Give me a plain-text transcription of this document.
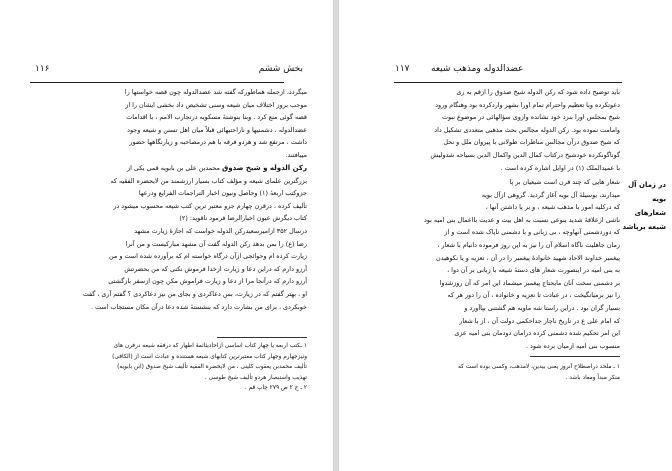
بخش ششم
۱۱۶
میگردد، ازجمله هماطورکه گفته شد عضدالدوله چون قصه خواستها را
موجب بروز اختلاف میان شیعه وسنی تشخیص داد بخشی ایشان را از
قصه گوئی منع کرد . وبنا بنوشتهٔ مسکویه درتجارب الامم ، با اقدامات
عضدالدوله ، دشمنیها و ناراحتیهائی قبلاً میان اهل تسنن و شیعه وجود
داشت ، مرتفع شد و هردو فرقه با هم درمصاحبه و زیارتگاهها حضور
مییافتند.
رکن الدوله و شیخ صدوق محمدبن علی بن بابویه قمی یکی از
بزرگترین علمای شیعه و مؤلف کتاب بسیار ارزشمند من لایحضره الفقیه که
جزوکتب اربعهٔ (۱) وحاصل ونیون اخبار التراجمات الفرایع ودرعها
تألیف کرده ، درقرن چهارم جزو معتبر ترین کتب شیعه محسوب میشود در
کتاب دیگرش عیون اخبارالرضا فرمود ناقوید: (۲)
درسال ۳۵۲ ازامیرسعیدرکن الدوله خواست که اجازهٔ زیارت مشهد
رضا (ع) را بمن بدهد رکن الدوله گفت آن مشهد مبارکیست و من آنرا
زیارت کرده ام وحوائجی ازآن درگاه خواسته ام که برآورده شده است و من
آرزو دارم که دراین دعا و زیارت ازخدا فرموش نکنی که من بحضرتش
آرزو دارم که درآنجا مرا از دعا و زیارت فراموش مکن چون ازسفر بازگشتی
او ، بهتر گفتم که در زیارت، بس دعاکردی و بجای من نیز دعاکردی ؟ گفتم آری ، گفت
خوبکردی ، برای من بشارت دارد که بنشستهٔ شده دعا درآن مکان مستجاب است .
۱ ـکتب اربعه یا چهار کتاب اساسی ازاحادیثائمهٔ اطهار که درفقه شیعه درفرن های
ونیزجهارم وجهار کتاب معتبرترین کتابهای شیعه هستنده و عبادت است از (الکافی)
تألیف محمدبن یعقوب کلینی ، من لایحضره الفقیه تألیف شیخ صدوق (ابن بابویه)
تهذیب واستبصار هردو تألیف شیخ طوسی .
۲ ـ ج ۲ ص ۲۷۹ چاپ قم .
عضدالدوله ومذهب شیعه
۱۱۷
باید توضیح داده شود که رکن الدوله شیخ صدوق را ازقم به ری
دعوتکرده وبا تعظیم واحترام تمام اورا بشهر واردکرده بود وهنگام ورود
شیخ بمجلس اورا بنزد خود نشانده وازوی سؤالهائی در موضوع نبوت
وامامت نموده بود. رکن الدوله مجالس بحث مذهبی متعددی تشکیل داد
که شیخ صدوق درآن مجالس مناظرات طولانی با پیروان ملل و نحل
گوناگونکرده خودشیخ درکتاب کمال الدین واکمال الدین بسیاحه شدولیش
با عمیدالملک (۱) در اوایل اشاره کرده است .
در زمان آل بویه شعارهای شیعه برپاشد
شعار هایی که چند قرن است شیعیان بر پا
میدارند، بوسیلهٔ آل بویه آغاز گردید. گروهی ازآل بویه
که درکلیه امور با مذهب شیعه ، و بر پا داشتن آنها ،
ناشی ازعلاقهٔ شدید بنوعی نسبت به اهل بیت و عدیت بااعمال بنی امیه بود
که دوردشمنی آنهاوچه ، بی زبانی و با دشمنی ناپاک شده است و از
زمان جاهلیت ناگاه اسلام آن را نیز به این روز فرموده دانیام با شعار ،
پیغمبر خداوند الاحاد شهید خانوادهٔ پیغمبر را در آن ، تعزیه و یا نکوهیدن
به بنی امیه در اینصورت شعار های دستهٔ شیعه با زبانی بر آن دوا ،
بر دشمنی سخت آنان مایحتاج پیغمبر میشماد این امر که آن روزشدوا
را نیز برمیانگیخت ، در عبادت تا تعزیه و خانواده ، آن را دور هر که
بسیار گران بود . دراین راستا شه ماویه هم گشتنی بپاآورد و
که امام علی ع در تاریخ ناچار جداحکمی دولت آن ، از با شعار
این امر تحکیم شده دشمنی کرده درامان دودمان بنی امیه عزی
منسوب بنی امیه ازمیان برده شود .
۱ ـ ملحد دراصطلاح آنروز یعنی بیدین، لامذهب، وکسی بوده است که
منکر مبدأ ومعاد باشد .
